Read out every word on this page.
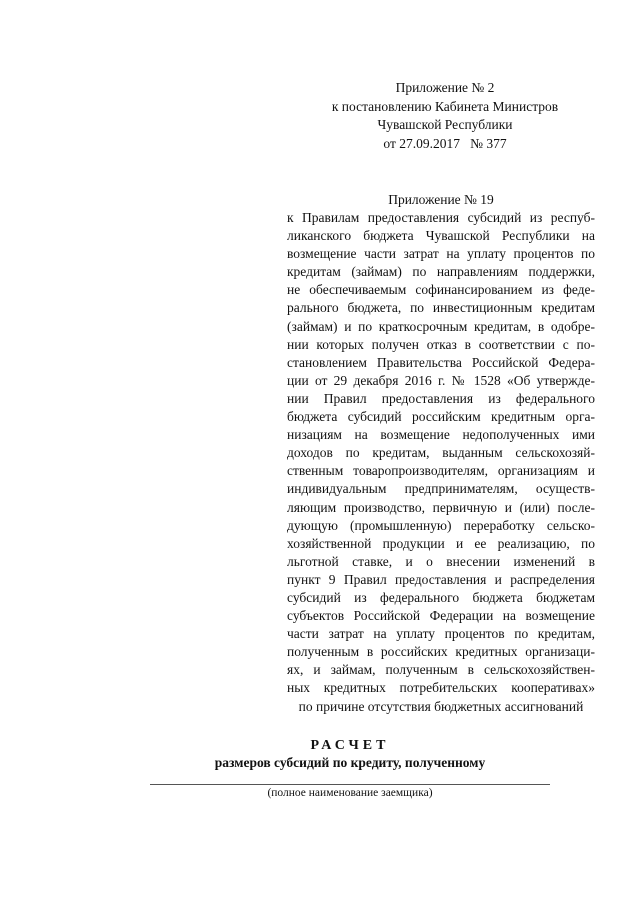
Приложение № 2
к постановлению Кабинета Министров
Чувашской Республики
от 27.09.2017   № 377
Приложение № 19
к Правилам предоставления субсидий из респуб-
ликанского бюджета Чувашской Республики на
возмещение части затрат на уплату процентов по
кредитам (займам) по направлениям поддержки,
не обеспечиваемым софинансированием из феде-
рального бюджета, по инвестиционным кредитам
(займам) и по краткосрочным кредитам, в одобре-
нии которых получен отказ в соответствии с по-
становлением Правительства Российской Федера-
ции от 29 декабря 2016 г. № 1528 «Об утвержде-
нии Правил предоставления из федерального
бюджета субсидий российским кредитным орга-
низациям на возмещение недополученных ими
доходов по кредитам, выданным сельскохозяй-
ственным товаропроизводителям, организациям и
индивидуальным предпринимателям, осуществ-
ляющим производство, первичную и (или) после-
дующую (промышленную) переработку сельско-
хозяйственной продукции и ее реализацию, по
льготной ставке, и о внесении изменений в
пункт 9 Правил предоставления и распределения
субсидий из федерального бюджета бюджетам
субъектов Российской Федерации на возмещение
части затрат на уплату процентов по кредитам,
полученным в российских кредитных организаци-
ях, и займам, полученным в сельскохозяйствен-
ных кредитных потребительских кооперативах»
по причине отсутствия бюджетных ассигнований
РАСЧЕТ
размеров субсидий по кредиту, полученному
(полное наименование заемщика)
